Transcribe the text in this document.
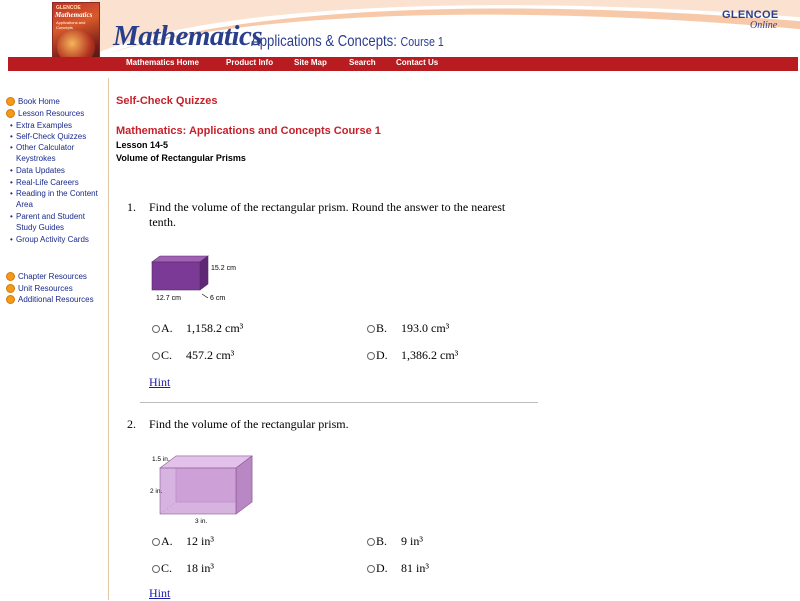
GLENCOE
Mathematics
Applications and Concepts	Mathematics
Applications & Concepts: Course 1
GLENCOE
Online
Mathematics Home	Product Info	Site Map	Search	Contact Us
Book Home
Lesson Resources
• Extra Examples
• Self-Check Quizzes
• Other Calculator Keystrokes
• Data Updates
• Real-Life Careers
• Reading in the Content Area
• Parent and Student Study Guides
• Group Activity Cards
Chapter Resources
Unit Resources
Additional Resources
Self-Check Quizzes
Mathematics: Applications and Concepts Course 1
Lesson 14-5
Volume of Rectangular Prisms
1. Find the volume of the rectangular prism. Round the answer to the nearest tenth.
15.2 cm
12.7 cm	6 cm
A. 1,158.2 cm³	B. 193.0 cm³
C. 457.2 cm³	D. 1,386.2 cm³
Hint
2. Find the volume of the rectangular prism.
1.5 in.
2 in.
3 in.
A. 12 in³	B. 9 in³
C. 18 in³	D. 81 in³
Hint
